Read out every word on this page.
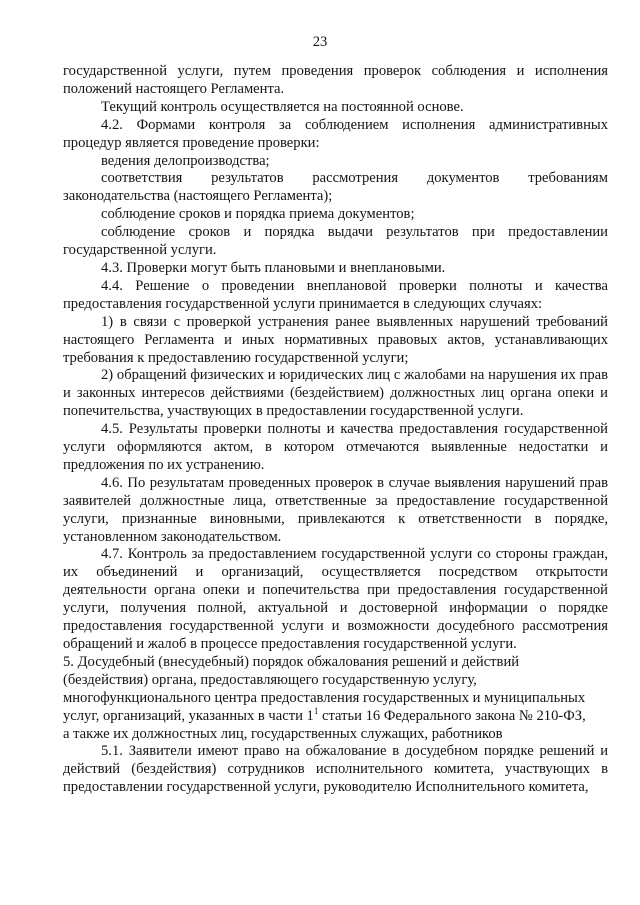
23

государственной услуги, путем проведения проверок соблюдения и исполнения положений настоящего Регламента.

Текущий контроль осуществляется на постоянной основе.

4.2. Формами контроля за соблюдением исполнения административных процедур является проведение проверки:

ведения делопроизводства;

соответствия результатов рассмотрения документов требованиям законодательства (настоящего Регламента);

соблюдение сроков и порядка приема документов;

соблюдение сроков и порядка выдачи результатов при предоставлении государственной услуги.

4.3. Проверки могут быть плановыми и внеплановыми.

4.4. Решение о проведении внеплановой проверки полноты и качества предоставления государственной услуги принимается в следующих случаях:

1) в связи с проверкой устранения ранее выявленных нарушений требований настоящего Регламента и иных нормативных правовых актов, устанавливающих требования к предоставлению государственной услуги;

2) обращений физических и юридических лиц с жалобами на нарушения их прав и законных интересов действиями (бездействием) должностных лиц органа опеки и попечительства, участвующих в предоставлении государственной услуги.

4.5. Результаты проверки полноты и качества предоставления государственной услуги оформляются актом, в котором отмечаются выявленные недостатки и предложения по их устранению.

4.6. По результатам проведенных проверок в случае выявления нарушений прав заявителей должностные лица, ответственные за предоставление государственной услуги, признанные виновными, привлекаются к ответственности в порядке, установленном законодательством.

4.7. Контроль за предоставлением государственной услуги со стороны граждан, их объединений и организаций, осуществляется посредством открытости деятельности органа опеки и попечительства при предоставления государственной услуги, получения полной, актуальной и достоверной информации о порядке предоставления государственной услуги и возможности досудебного рассмотрения обращений и жалоб в процессе предоставления государственной услуги.

5. Досудебный (внесудебный) порядок обжалования решений и действий
(бездействия) органа, предоставляющего государственную услугу,
многофункционального центра предоставления государственных и муниципальных
услуг, организаций, указанных в части $1^1$ статьи 16 Федерального закона № 210-ФЗ,
а также их должностных лиц, государственных служащих, работников

5.1. Заявители имеют право на обжалование в досудебном порядке решений и действий (бездействия) сотрудников исполнительного комитета, участвующих в предоставлении государственной услуги, руководителю Исполнительного комитета,
